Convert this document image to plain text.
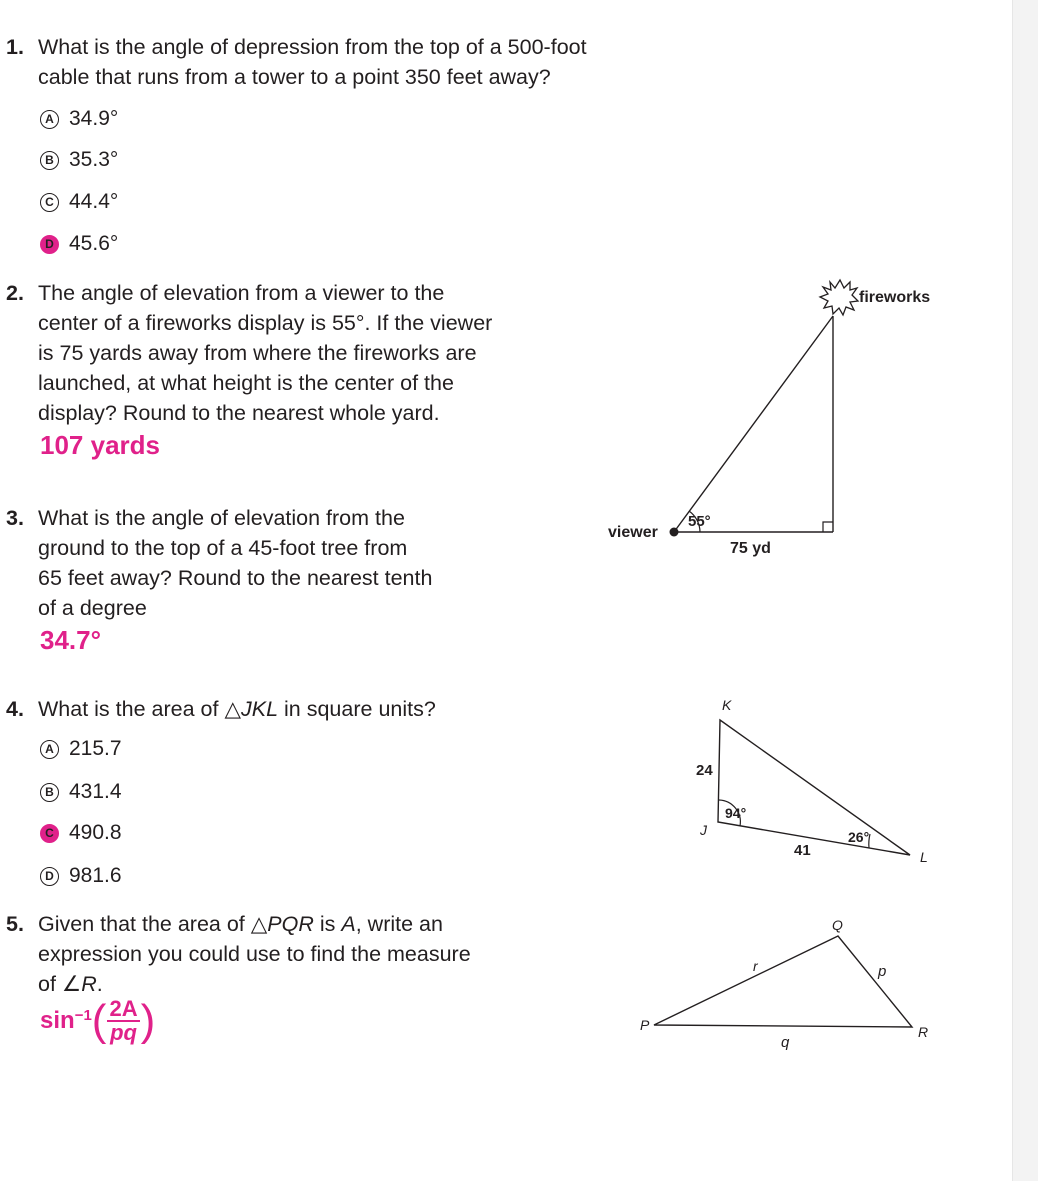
1. What is the angle of depression from the top of a 500-foot
cable that runs from a tower to a point 350 feet away?
A 34.9°
B 35.3°
C 44.4°
D 45.6°
2. The angle of elevation from a viewer to the
center of a fireworks display is 55°. If the viewer
is 75 yards away from where the fireworks are
launched, at what height is the center of the
display? Round to the nearest whole yard.
107 yards
fireworks
viewer
55°
75 yd
3. What is the angle of elevation from the
ground to the top of a 45-foot tree from
65 feet away? Round to the nearest tenth
of a degree
34.7°
4. What is the area of △JKL in square units?
A 215.7
B 431.4
C 490.8
D 981.6
K
J
L
24
41
94°
26°
5. Given that the area of △PQR is A, write an
expression you could use to find the measure
of ∠R.
$\sin^{-1}$ ( $\frac{2A}{pq}$ )
Q
P	R
r	p
q
